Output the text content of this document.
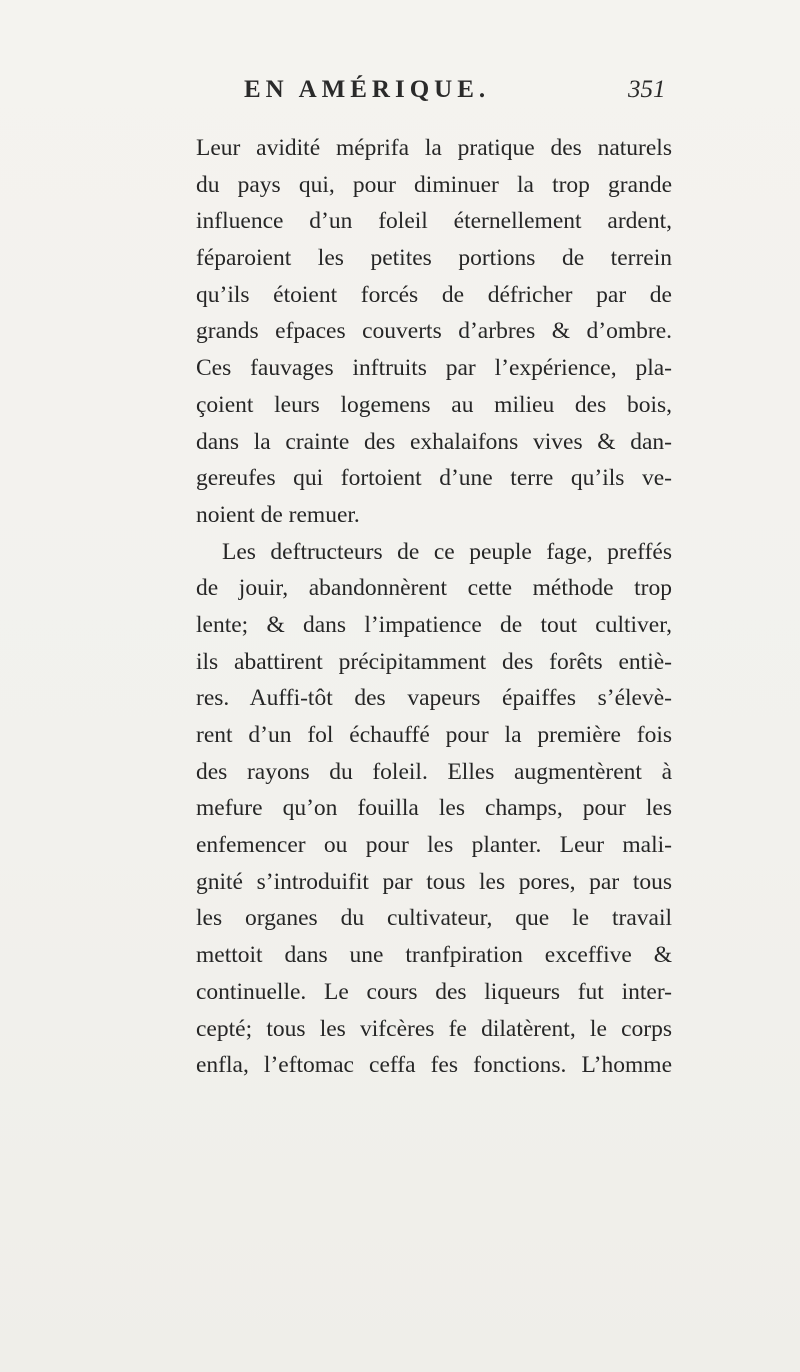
EN AMÉRIQUE.	351
Leur avidité méprifa la pratique des naturels
du pays qui, pour diminuer la trop grande
influence d’un foleil éternellement ardent,
féparoient les petites portions de terrein
qu’ils étoient forcés de défricher par de
grands efpaces couverts d’arbres & d’ombre.
Ces fauvages inftruits par l’expérience, pla-
çoient leurs logemens au milieu des bois,
dans la crainte des exhalaifons vives & dan-
gereufes qui fortoient d’une terre qu’ils ve-
noient de remuer.
Les deftructeurs de ce peuple fage, preffés
de jouir, abandonnèrent cette méthode trop
lente; & dans l’impatience de tout cultiver,
ils abattirent précipitamment des forêts entiè-
res. Auffi-tôt des vapeurs épaiffes s’élevè-
rent d’un fol échauffé pour la première fois
des rayons du foleil. Elles augmentèrent à
mefure qu’on fouilla les champs, pour les
enfemencer ou pour les planter. Leur mali-
gnité s’introduifit par tous les pores, par tous
les organes du cultivateur, que le travail
mettoit dans une tranfpiration exceffive &
continuelle. Le cours des liqueurs fut inter-
cepté; tous les vifcères fe dilatèrent, le corps
enfla, l’eftomac ceffa fes fonctions. L’homme
